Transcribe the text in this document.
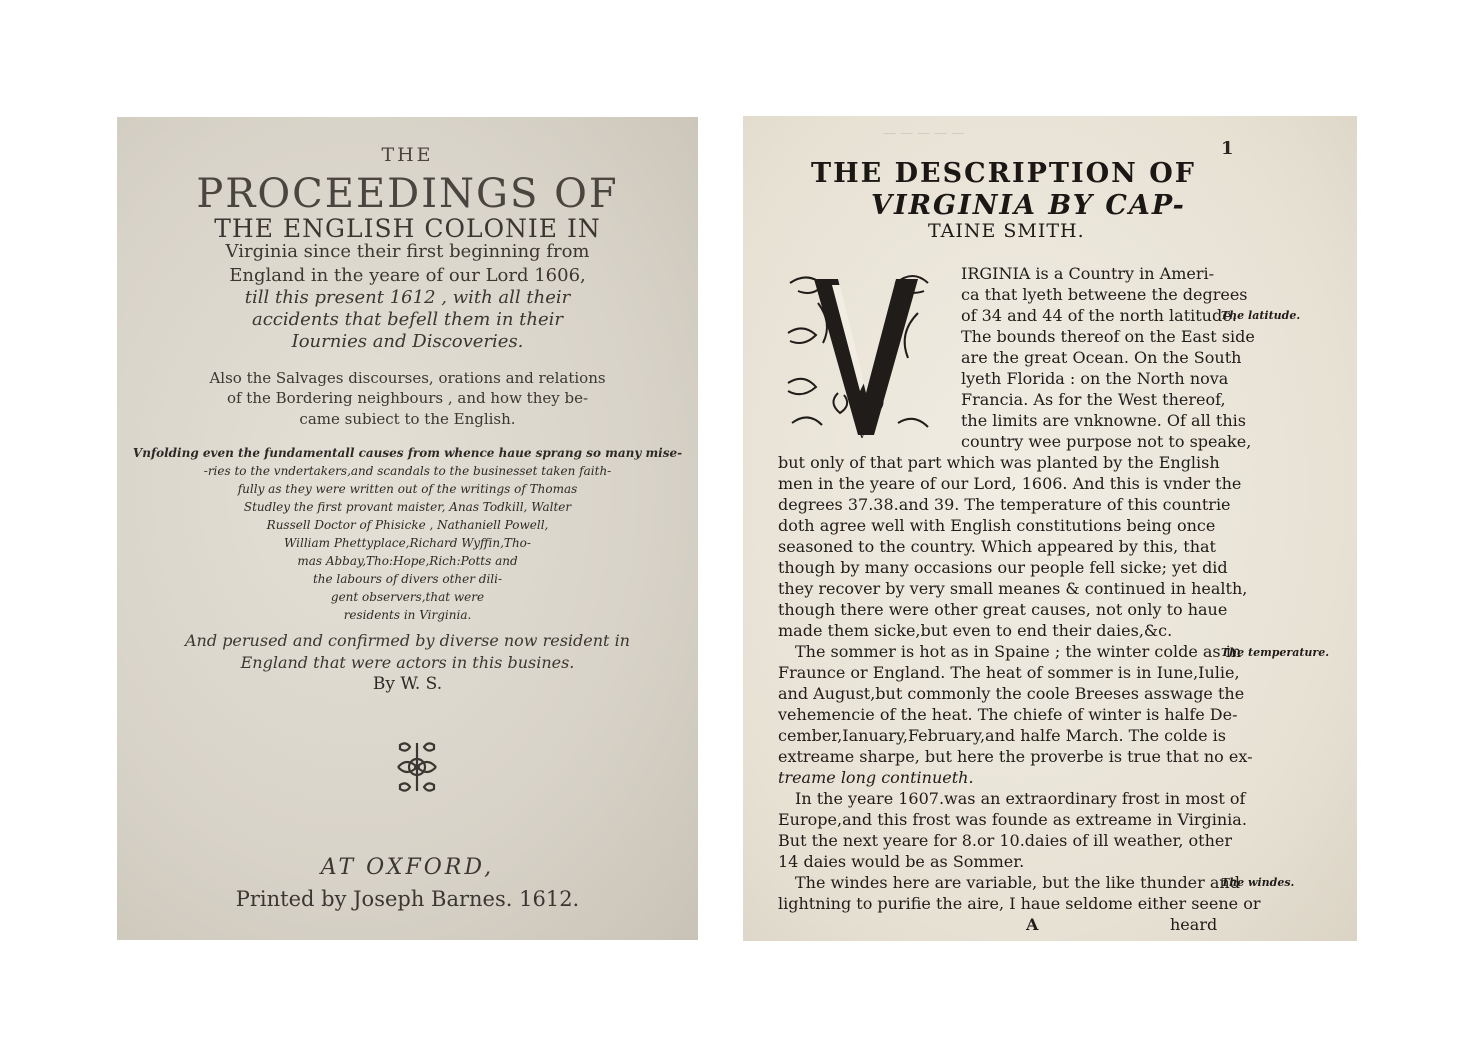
THE
PROCEEDINGS OF
THE ENGLISH COLONIE IN
Virginia since their first beginning from
England in the yeare of our Lord 1606,
till this present 1612 , with all their
accidents that befell them in their
Iournies and Discoveries.
Also the Salvages discourses, orations and relations
of the Bordering neighbours , and how they be-
came subiect to the English.
Vnfolding even the fundamentall causes from whence haue sprang so many mise-
-ries to the vndertakers,and scandals to the businesset taken faith-
fully as they were written out of the writings of Thomas
Studley the first provant maister, Anas Todkill, Walter
Russell Doctor of Phisicke , Nathaniell Powell,
William Phettyplace,Richard Wyffin,Tho-
mas Abbay,Tho:Hope,Rich:Potts and
the labours of divers other dili-
gent observers,that were
residents in Virginia.
And perused and confirmed by diverse now resident in
England that were actors in this busines.
By W. S.
AT OXFORD,
Printed by Joseph Barnes. 1612.
— — — — —
1
THE DESCRIPTION OF
VIRGINIA BY CAP-
TAINE SMITH.
V
IRGINIA is a Country in Ameri-
ca that lyeth betweene the degrees
of 34 and 44 of the north latitude.
The bounds thereof on the East side
are the great Ocean. On the South
lyeth Florida : on the North nova
Francia. As for the West thereof,
the limits are vnknowne. Of all this
country wee purpose not to speake,
but only of that part which was planted by the English
men in the yeare of our Lord, 1606. And this is vnder the
degrees 37.38.and 39. The temperature of this countrie
doth agree well with English constitutions being once
seasoned to the country. Which appeared by this, that
though by many occasions our people fell sicke; yet did
they recover by very small meanes & continued in health,
though there were other great causes, not only to haue
made them sicke,but even to end their daies,&c.
The sommer is hot as in Spaine ; the winter colde as in
Fraunce or England. The heat of sommer is in Iune,Iulie,
and August,but commonly the coole Breeses asswage the
vehemencie of the heat. The chiefe of winter is halfe De-
cember,Ianuary,February,and halfe March. The colde is
extreame sharpe, but here the proverbe is true that no ex-
treame long continueth.
In the yeare 1607.was an extraordinary frost in most of
Europe,and this frost was founde as extreame in Virginia.
But the next yeare for 8.or 10.daies of ill weather, other
14 daies would be as Sommer.
The windes here are variable, but the like thunder and
lightning to purifie the aire, I haue seldome either seene or
A	heard
The latitude.
The temperature.
The windes.
